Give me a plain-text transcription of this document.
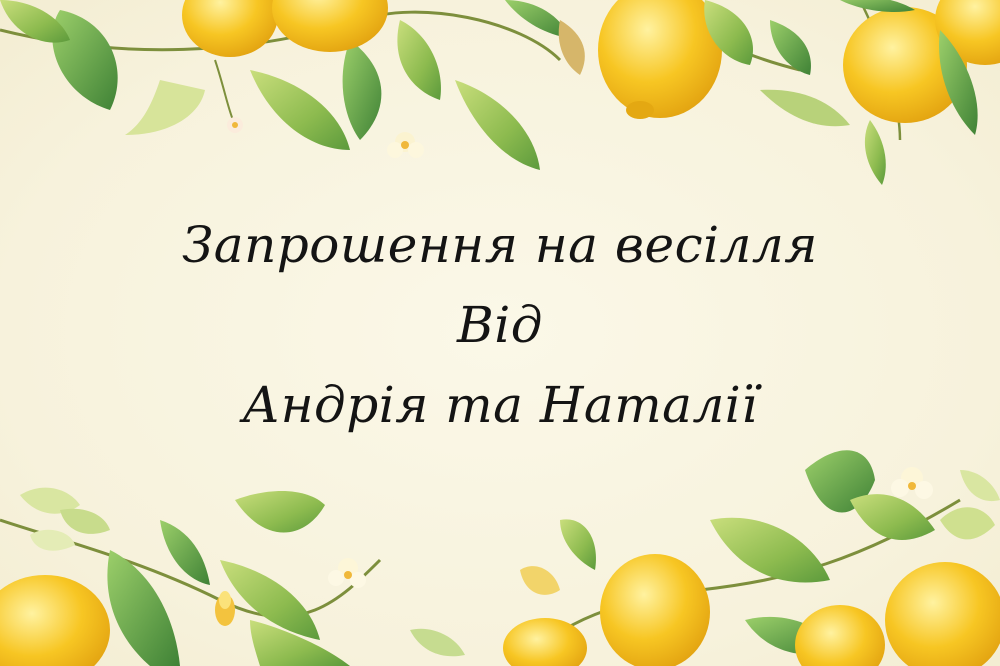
Запрошення на весілля
Від
Андрія та Наталії
